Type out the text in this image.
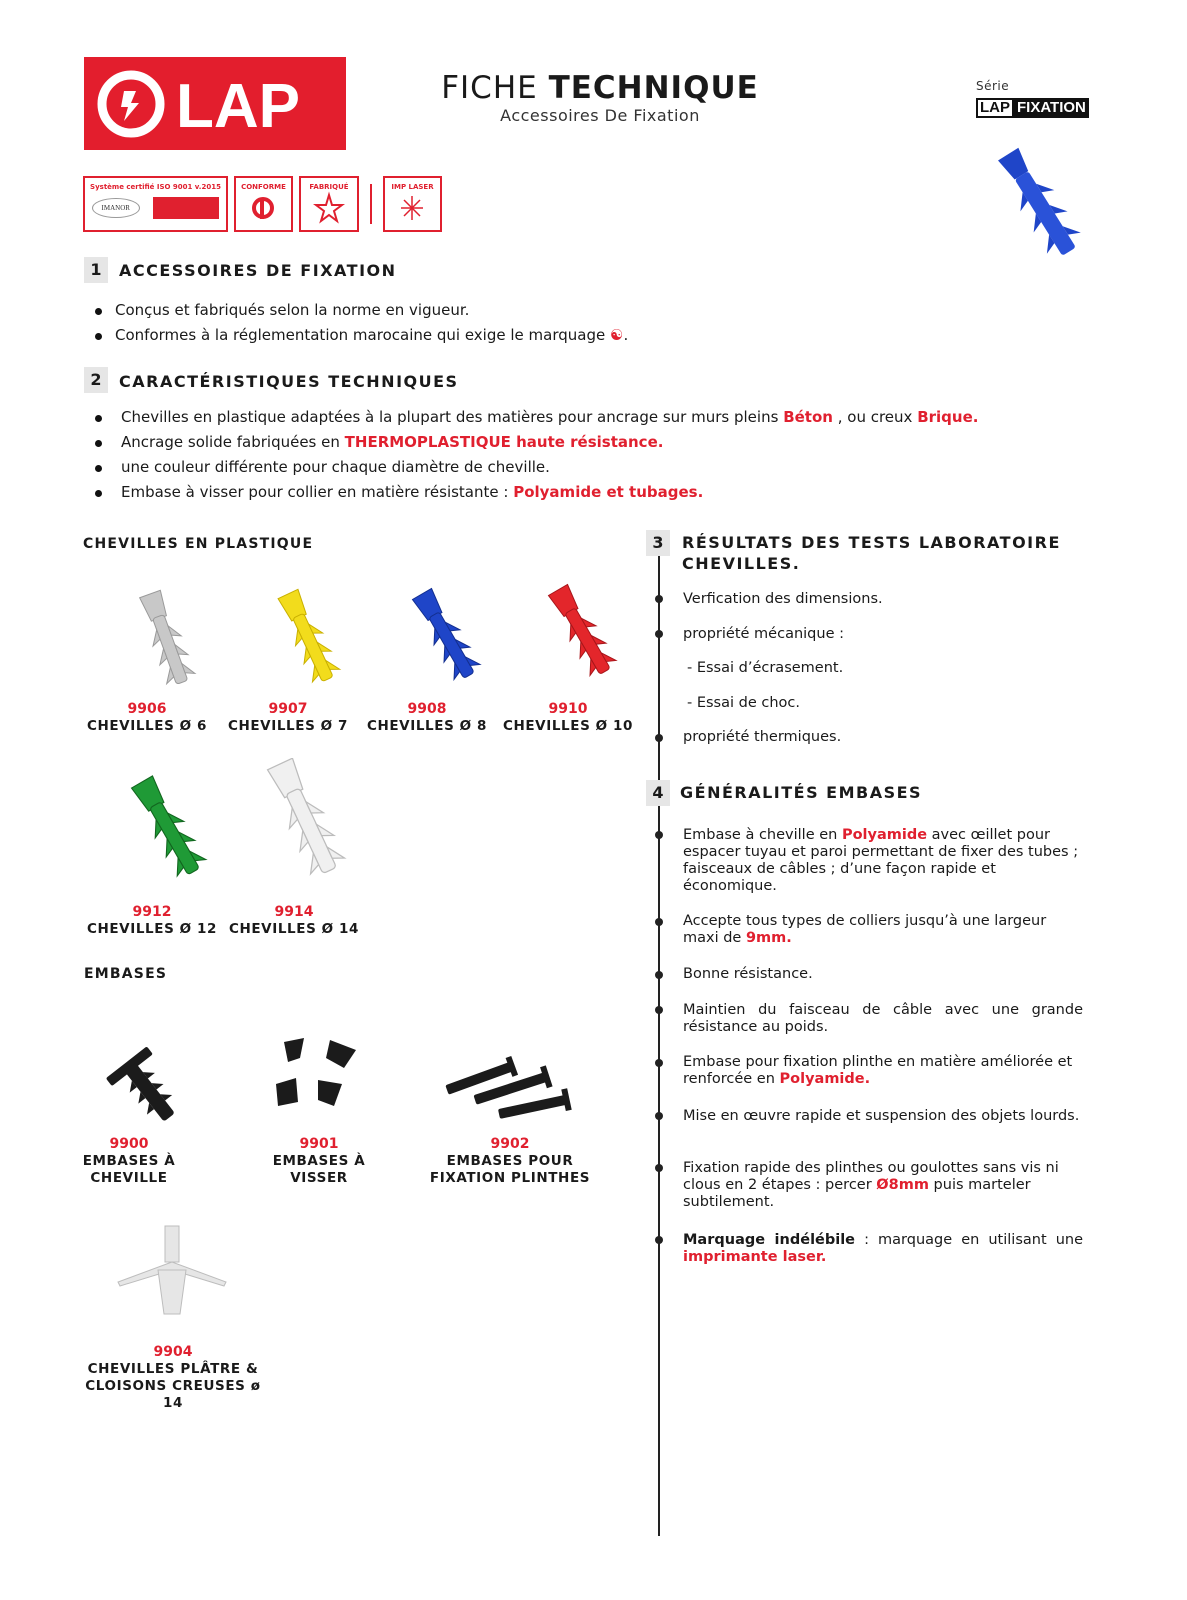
LAP	FICHE TECHNIQUE
Accessoires De Fixation
Série
LAP FIXATION
Système certifié ISO 9001 v.2015
IMANOR
CONFORME	FABRIQUÉ	IMP LASER
1	ACCESSOIRES DE FIXATION
Conçus et fabriqués selon la norme en vigueur.
Conformes à la réglementation marocaine qui exige le marquage ☯.
2	CARACTÉRISTIQUES TECHNIQUES
Chevilles en plastique adaptées à la plupart des matières pour ancrage sur murs pleins Béton , ou creux Brique.
Ancrage solide fabriquées en THERMOPLASTIQUE haute résistance.
une couleur différente pour chaque diamètre de cheville.
Embase à visser pour collier en matière résistante : Polyamide et tubages.
CHEVILLES EN PLASTIQUE
9906
CHEVILLES Ø 6
9907
CHEVILLES Ø 7
9908
CHEVILLES Ø 8
9910
CHEVILLES Ø 10
9912
CHEVILLES Ø 12
9914
CHEVILLES Ø 14
EMBASES
9900
EMBASES À
CHEVILLE
9901
EMBASES À
VISSER
9902
EMBASES POUR
FIXATION PLINTHES
9904
CHEVILLES PLÂTRE &
CLOISONS CREUSES ø 14
3	RÉSULTATS DES TESTS LABORATOIRE CHEVILLES.
Verfication des dimensions.
propriété mécanique :
- Essai d’écrasement.
- Essai de choc.
propriété thermiques.
4	GÉNÉRALITÉS EMBASES
Embase à cheville en Polyamide avec œillet pour espacer tuyau et paroi permettant de fixer des tubes ; faisceaux de câbles ; d’une façon rapide et économique.
Accepte tous types de colliers jusqu’à une largeur maxi de 9mm.
Bonne résistance.
Maintien du faisceau de câble avec une grande résistance au poids.
Embase pour fixation plinthe en matière améliorée et renforcée en Polyamide.
Mise en œuvre rapide et suspension des objets lourds.
Fixation rapide des plinthes ou goulottes sans vis ni clous en 2 étapes : percer Ø8mm puis marteler subtilement.
Marquage indélébile : marquage en utilisant une imprimante laser.
